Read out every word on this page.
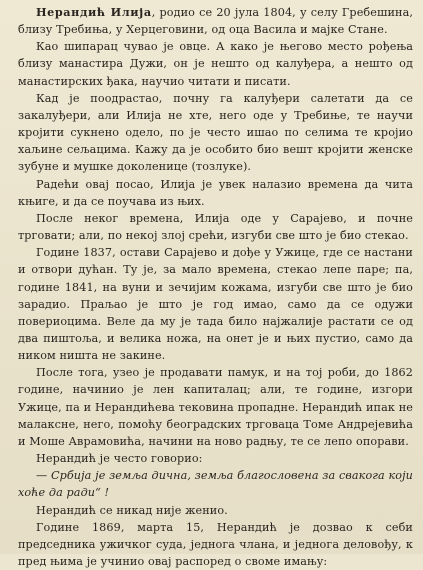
Нерандић Илија, родио се 20 јула 1804, у селу Гребешина, близу Требиња, у Херцеговини, од оца Васила и мајке Стане.

Као шипарац чувао је овце. А како је његово место рођења близу манастира Дужи, он је нешто од калуђера, а нешто од манастирских ђака, научио читати и писати.

Кад је поодрастао, почну га калуђери салетати да се закалуђери, али Илија не хте, него оде у Требиње, те научи кројити сукнено одело, по је често ишао по селима те кројио хаљине сељацима. Кажу да је особито био вешт кројити женске зубуне и мушке доколенице (тозлуке).

Радећи овај посао, Илија је увек налазио времена да чита књиге, и да се поучава из њих.

После неког времена, Илија оде у Сарајево, и почне трговати; али, по некој злој срећи, изгуби све што је био стекао.

Године 1837, остави Сарајево и дође у Ужице, где се настани и отвори дућан. Ту је, за мало времена, стекао лепе паре; па, године 1841, на вуни и зечијим кожама, изгуби све што је био зарадио. Праљао је што је год имао, само да се одужи повериоцима. Веле да му је тада било најжалије растати се од два пиштоља, и велика ножа, на онет је и њих пустио, само да ником ништа не закине.

После тога, узео је продавати памук, и на тој роби, до 1862 године, начинио је лен капиталац; али, те године, изгори Ужице, па и Нерандићева тековина пропадне. Нерандић ипак не малаксне, него, помоћу београдских трговаца Томе Андрејевића и Моше Аврамовића, начини на ново радњу, те се лепо опорави.

Нерандић је често говорио:

— Србија је земља дична, земља благословена за свакога који хоће да ради“ !

Нерандић се никад није женио.

Године 1869, марта 15, Нерандић је дозвао к себи председника ужичког суда, једнога члана, и једнога деловођу, к пред њима је учинио овај распоред о своме имању:
